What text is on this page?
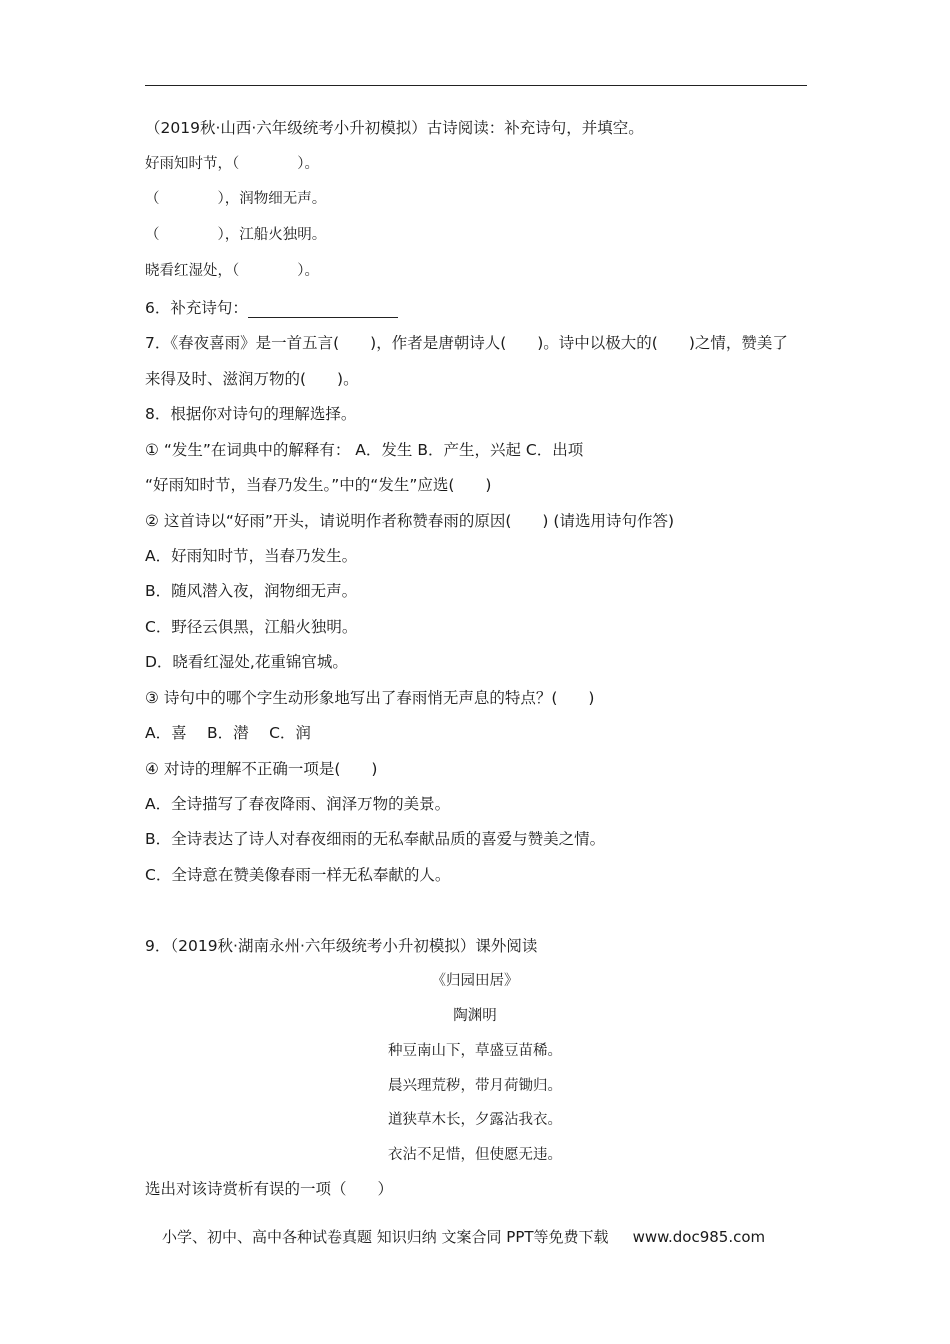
（2019秋·山西·六年级统考小升初模拟）古诗阅读：补充诗句，并填空。
好雨知时节，（　　　　）。
（　　　　），润物细无声。
（　　　　），江船火独明。
晓看红湿处，（　　　　）。
6．补充诗句：
7．《春夜喜雨》是一首五言(　　)，作者是唐朝诗人(　　)。诗中以极大的(　　)之情，赞美了
来得及时、滋润万物的(　　)。
8．根据你对诗句的理解选择。
① “发生”在词典中的解释有： A．发生 B．产生，兴起 C．出项
“好雨知时节，当春乃发生。”中的“发生”应选(　　)
② 这首诗以“好雨”开头，请说明作者称赞春雨的原因(　　) (请选用诗句作答)
A．好雨知时节，当春乃发生。
B．随风潜入夜，润物细无声。
C．野径云俱黑，江船火独明。
D．晓看红湿处,花重锦官城。
③ 诗句中的哪个字生动形象地写出了春雨悄无声息的特点？(　　)
A．喜　 B．潜　 C．润
④ 对诗的理解不正确一项是(　　)
A．全诗描写了春夜降雨、润泽万物的美景。
B．全诗表达了诗人对春夜细雨的无私奉献品质的喜爱与赞美之情。
C．全诗意在赞美像春雨一样无私奉献的人。
9．（2019秋·湖南永州·六年级统考小升初模拟）课外阅读
《归园田居》
陶渊明
种豆南山下，草盛豆苗稀。
晨兴理荒秽，带月荷锄归。
道狭草木长，夕露沾我衣。
衣沾不足惜，但使愿无违。
选出对该诗赏析有误的一项（　　）
小学、初中、高中各种试卷真题 知识归纳 文案合同 PPT等免费下载 www.doc985.com
